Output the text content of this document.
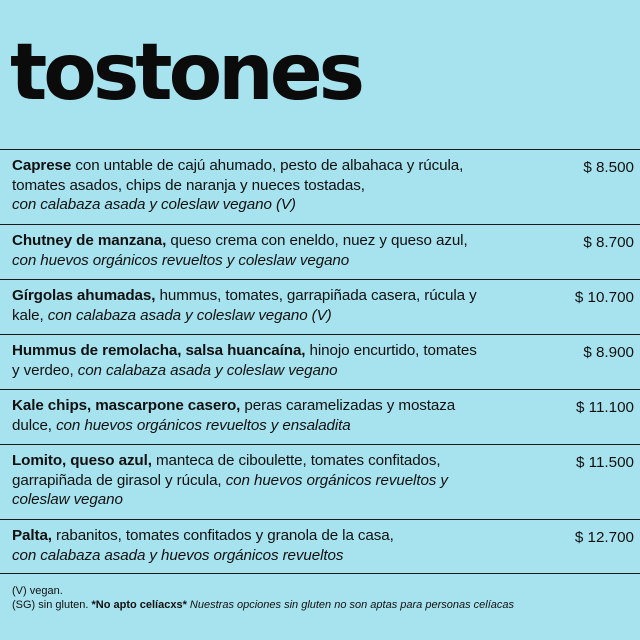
tostones
Caprese con untable de cajú ahumado, pesto de albahaca y rúcula, tomates asados, chips de naranja y nueces tostadas,
con calabaza asada y coleslaw vegano (V)
$ 8.500
Chutney de manzana, queso crema con eneldo, nuez y queso azul, con huevos orgánicos revueltos y coleslaw vegano
$ 8.700
Gírgolas ahumadas, hummus, tomates, garrapiñada casera, rúcula y kale, con calabaza asada y coleslaw vegano (V)
$ 10.700
Hummus de remolacha, salsa huancaína, hinojo encurtido, tomates y verdeo, con calabaza asada y coleslaw vegano
$ 8.900
Kale chips, mascarpone casero, peras caramelizadas y mostaza dulce, con huevos orgánicos revueltos y ensaladita
$ 11.100
Lomito, queso azul, manteca de ciboulette, tomates confitados, garrapiñada de girasol y rúcula, con huevos orgánicos revueltos y coleslaw vegano
$ 11.500
Palta, rabanitos, tomates confitados y granola de la casa,
con calabaza asada y huevos orgánicos revueltos
$ 12.700
(V) vegan.
(SG) sin gluten. *No apto celíacxs* Nuestras opciones sin gluten no son aptas para personas celíacas
